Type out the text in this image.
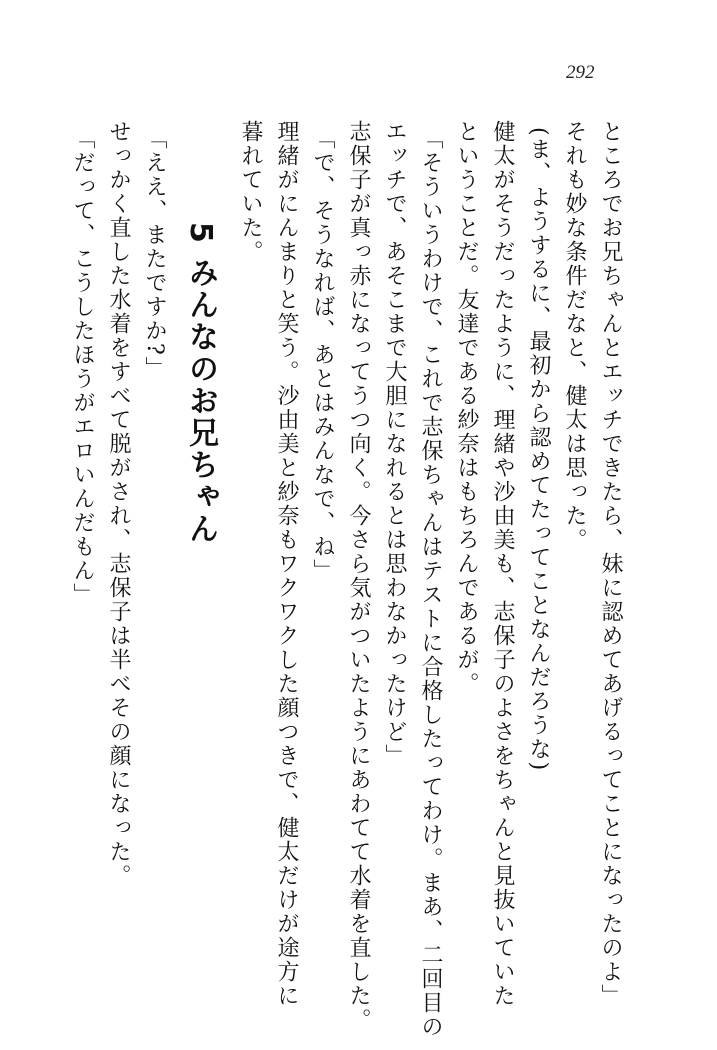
292
ところでお兄ちゃんとエッチできたら、妹に認めてあげるってことになったのよ」
それも妙な条件だなと、健太は思った。
(ま、ようするに、最初から認めてたってことなんだろうな)
健太がそうだったように、理緒や沙由美も、志保子のよさをちゃんと見抜いていた
ということだ。友達である紗奈はもちろんであるが。
「そういうわけで、これで志保ちゃんはテストに合格したってわけ。まあ、二回目の
エッチで、あそこまで大胆になれるとは思わなかったけど」
志保子が真っ赤になってうつ向く。今さら気がついたようにあわてて水着を直した。
「で、そうなれば、あとはみんなで、ね」
理緒がにんまりと笑う。沙由美と紗奈もワクワクした顔つきで、健太だけが途方に
暮れていた。
5 みんなのお兄ちゃん
「ええ、またですか?」
せっかく直した水着をすべて脱がされ、志保子は半べその顔になった。
「だって、こうしたほうがエロいんだもん」
